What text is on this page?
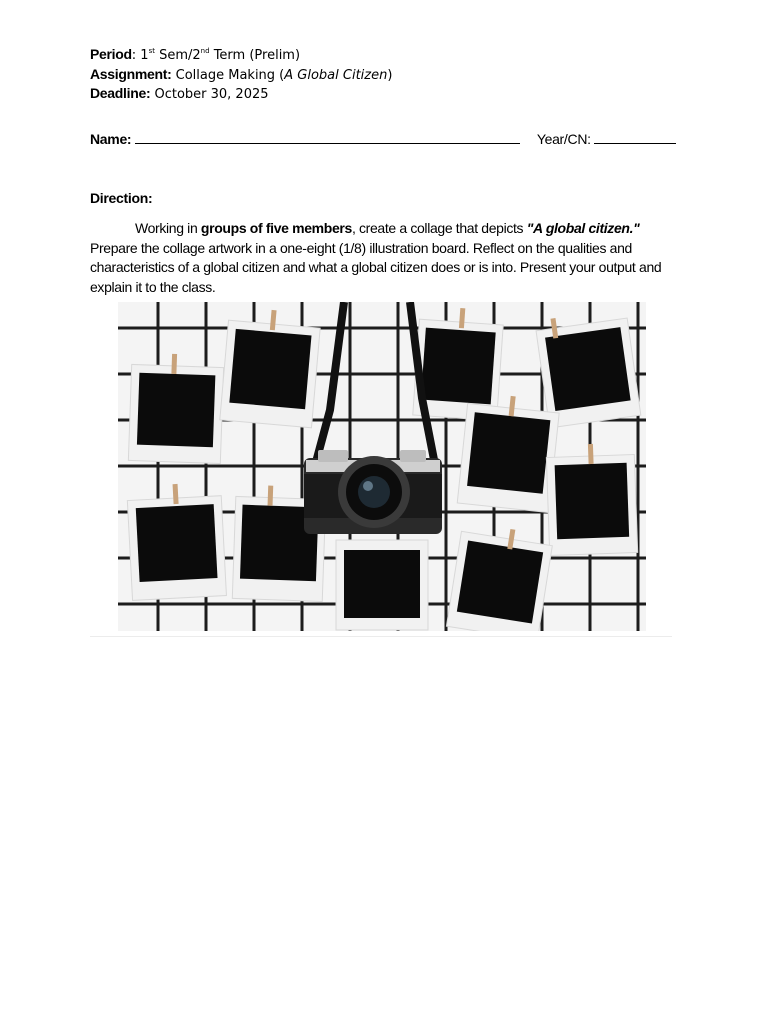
Period: 1st Sem/2nd Term (Prelim)
Assignment: Collage Making (A Global Citizen)
Deadline: October 30, 2025
Name:	Year/CN:
Direction:
Working in groups of five members, create a collage that depicts "A global citizen." Prepare the collage artwork in a one-eight (1/8) illustration board. Reflect on the qualities and characteristics of a global citizen and what a global citizen does or is into. Present your output and explain it to the class.
